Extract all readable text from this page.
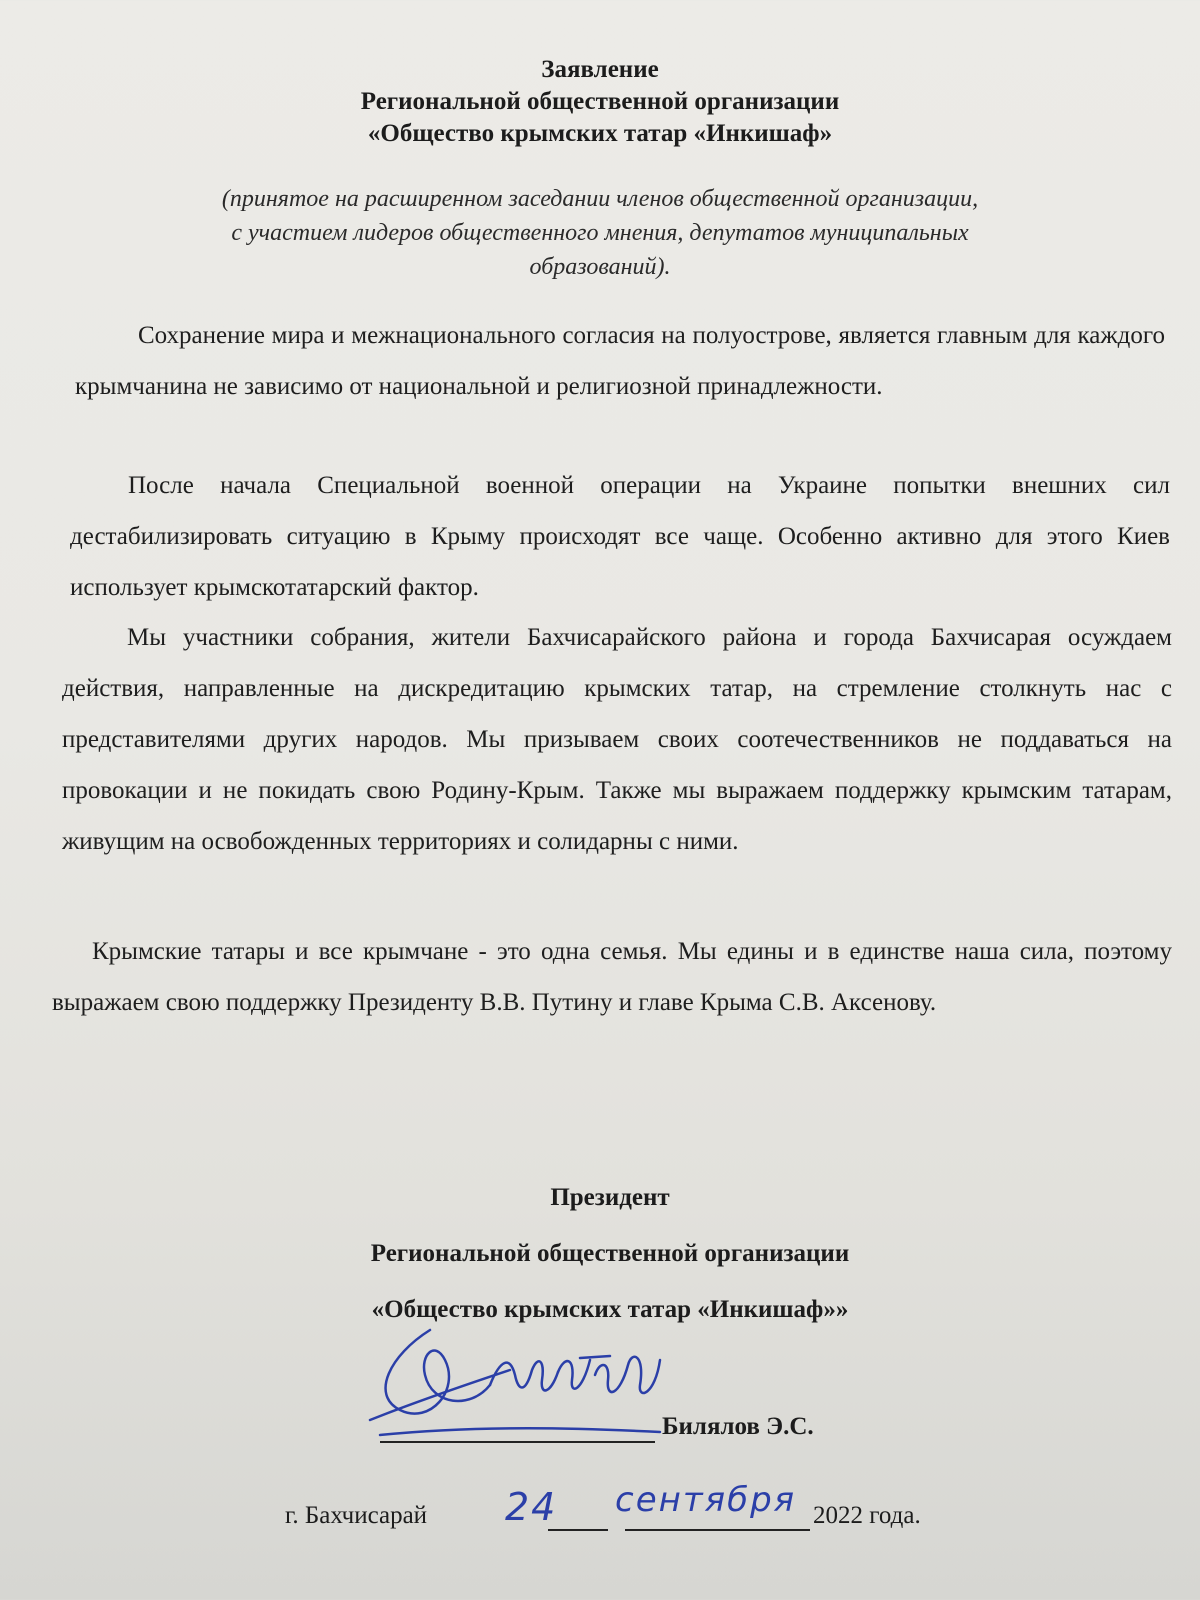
Заявление
Региональной общественной организации
«Общество крымских татар «Инкишаф»
(принятое на расширенном заседании членов общественной организации,
с участием лидеров общественного мнения, депутатов муниципальных
образований).
Сохранение мира и межнационального согласия на полуострове, является главным для каждого крымчанина не зависимо от национальной и религиозной принадлежности.
После начала Специальной военной операции на Украине попытки внешних сил дестабилизировать ситуацию в Крыму происходят все чаще. Особенно активно для этого Киев использует крымскотатарский фактор.
Мы участники собрания, жители Бахчисарайского района и города Бахчисарая осуждаем действия, направленные на дискредитацию крымских татар, на стремление столкнуть нас с представителями других народов. Мы призываем своих соотечественников не поддаваться на провокации и не покидать свою Родину-Крым. Также мы выражаем поддержку крымским татарам, живущим на освобожденных территориях и солидарны с ними.
Крымские татары и все крымчане - это одна семья. Мы едины и в единстве наша сила, поэтому выражаем свою поддержку Президенту В.В. Путину и главе Крыма С.В. Аксенову.
Президент
Региональной общественной организации
«Общество крымских татар «Инкишаф»»
Билялов Э.С.
г. Бахчисарай 24 сентября 2022 года.
